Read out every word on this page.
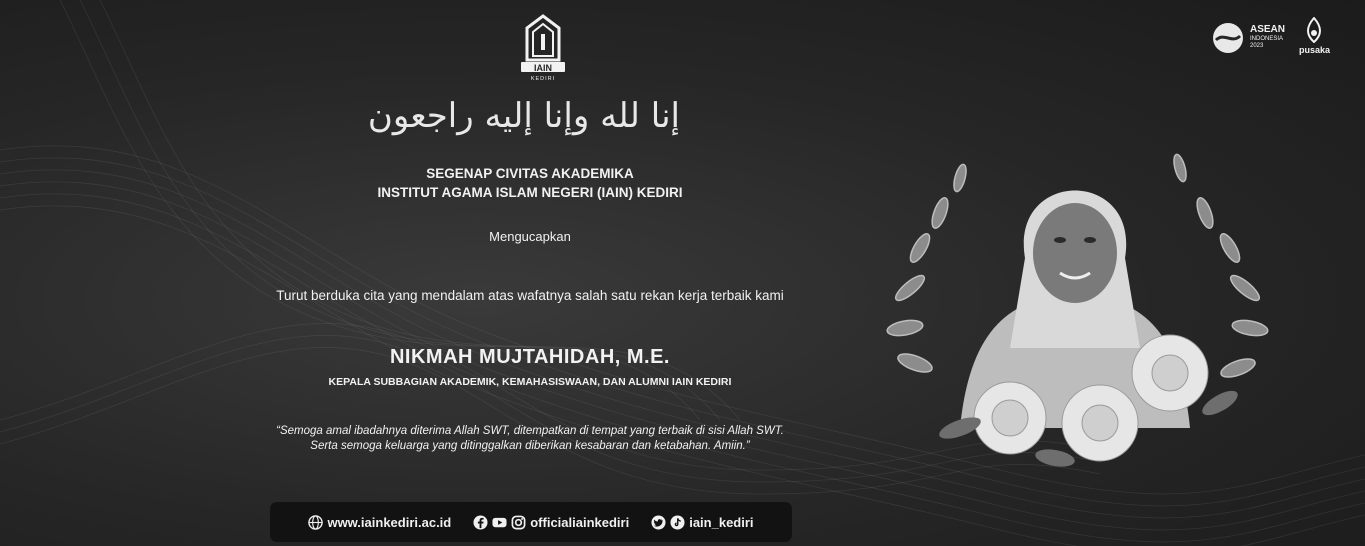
IAIN
KEDIRI
إنا لله وإنا إليه راجعون
SEGENAP CIVITAS AKADEMIKA
INSTITUT AGAMA ISLAM NEGERI (IAIN) KEDIRI
Mengucapkan
Turut berduka cita yang mendalam atas wafatnya salah satu rekan kerja terbaik kami
NIKMAH MUJTAHIDAH, M.E.
KEPALA SUBBAGIAN AKADEMIK, KEMAHASISWAAN, DAN ALUMNI IAIN KEDIRI
“Semoga amal ibadahnya diterima Allah SWT, ditempatkan di tempat yang terbaik di sisi Allah SWT.
Serta semoga keluarga yang ditinggalkan diberikan kesabaran dan ketabahan. Amiin.”
ASEAN
INDONESIA
2023	pusaka
www.iainkediri.ac.id	officialiainkediri	iain_kediri
